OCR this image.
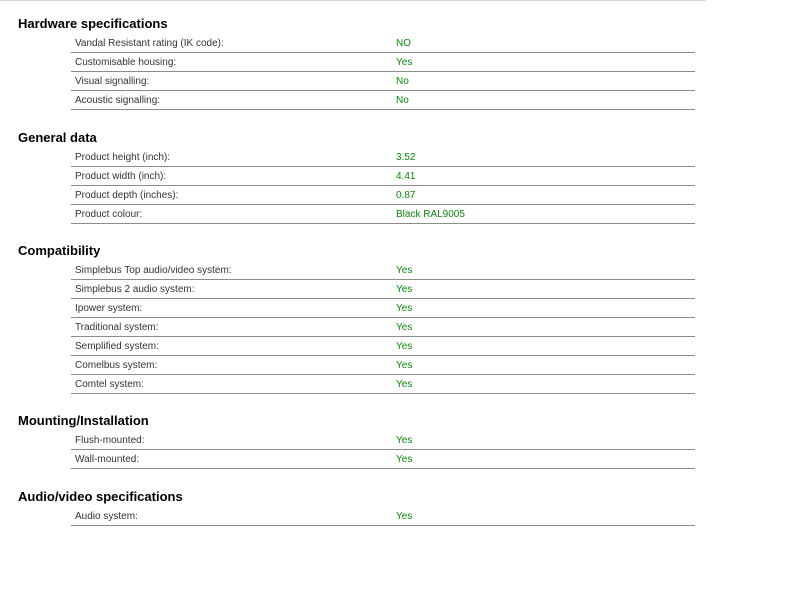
Hardware specifications
Vandal Resistant rating (IK code):	NO
Customisable housing:	Yes
Visual signalling:	No
Acoustic signalling:	No
General data
Product height (inch):	3.52
Product width (inch):	4.41
Product depth (inches):	0.87
Product colour:	Black RAL9005
Compatibility
Simplebus Top audio/video system:	Yes
Simplebus 2 audio system:	Yes
Ipower system:	Yes
Traditional system:	Yes
Semplified system:	Yes
Comelbus system:	Yes
Comtel system:	Yes
Mounting/Installation
Flush-mounted:	Yes
Wall-mounted:	Yes
Audio/video specifications
Audio system:	Yes
